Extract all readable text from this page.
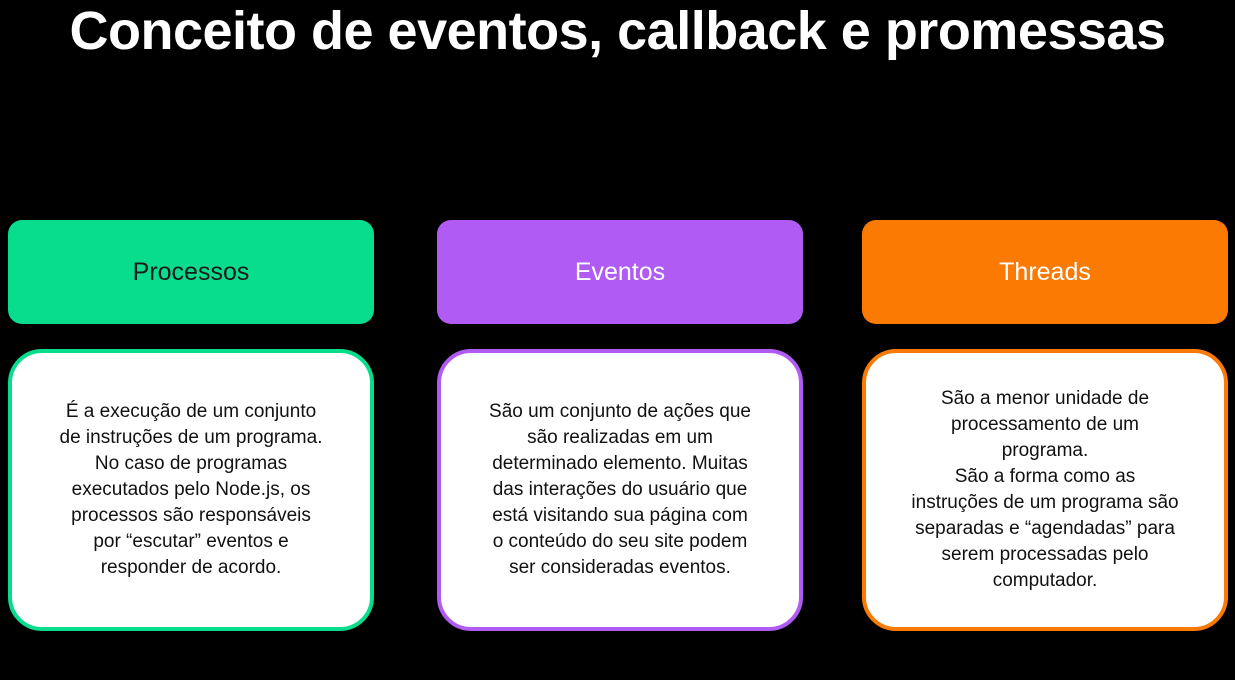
Conceito de eventos, callback e promessas
Processos
É a execução de um conjunto
de instruções de um programa.
No caso de programas
executados pelo Node.js, os
processos são responsáveis
por “escutar” eventos e
responder de acordo.
Eventos
São um conjunto de ações que
são realizadas em um
determinado elemento. Muitas
das interações do usuário que
está visitando sua página com
o conteúdo do seu site podem
ser consideradas eventos.
Threads
São a menor unidade de
processamento de um
programa.
São a forma como as
instruções de um programa são
separadas e “agendadas” para
serem processadas pelo
computador.
